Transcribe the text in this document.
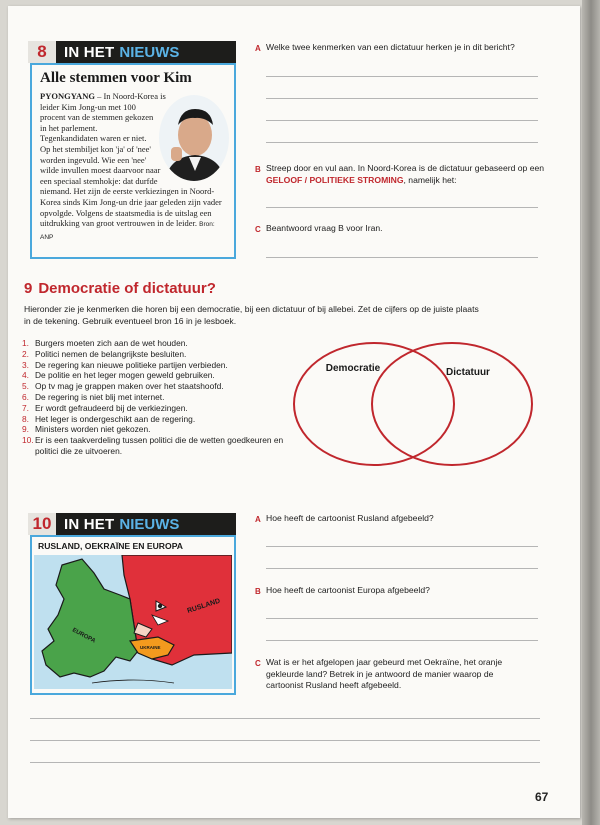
8	IN HET NIEUWS
Alle stemmen voor Kim
PYONGYANG – In Noord-Korea is leider Kim Jong-un met 100 procent van de stemmen gekozen in het parlement. Tegenkandidaten waren er niet. Op het stembiljet kon 'ja' of 'nee' worden ingevuld. Wie een 'nee' wilde invullen moest daarvoor naar een speciaal stemhokje: dat durfde niemand. Het zijn de eerste verkiezingen in Noord-Korea sinds Kim Jong-un drie jaar geleden zijn vader opvolgde. Volgens de staatsmedia is de uitslag een uitdrukking van groot vertrouwen in de leider. Bron: ANP
A Welke twee kenmerken van een dictatuur herken je in dit bericht?
B Streep door en vul aan. In Noord-Korea is de dictatuur gebaseerd op een GELOOF / POLITIEKE STROMING, namelijk het:
C Beantwoord vraag B voor Iran.
9 Democratie of dictatuur?
Hieronder zie je kenmerken die horen bij een democratie, bij een dictatuur of bij allebei. Zet de cijfers op de juiste plaats in de tekening. Gebruik eventueel bron 16 in je lesboek.
1. Burgers moeten zich aan de wet houden.
2. Politici nemen de belangrijkste besluiten.
3. De regering kan nieuwe politieke partijen verbieden.
4. De politie en het leger mogen geweld gebruiken.
5. Op tv mag je grappen maken over het staatshoofd.
6. De regering is niet blij met internet.
7. Er wordt gefraudeerd bij de verkiezingen.
8. Het leger is ondergeschikt aan de regering.
9. Ministers worden niet gekozen.
10. Er is een taakverdeling tussen politici die de wetten goedkeuren en politici die ze uitvoeren.
Democratie	Dictatuur
10 IN HET NIEUWS
RUSLAND, OEKRAÏNE EN EUROPA
RUSLAND
EUROPA
UKRAINE
A Hoe heeft de cartoonist Rusland afgebeeld?
B Hoe heeft de cartoonist Europa afgebeeld?
C Wat is er het afgelopen jaar gebeurd met Oekraïne, het oranje gekleurde land? Betrek in je antwoord de manier waarop de cartoonist Rusland heeft afgebeeld.
67
